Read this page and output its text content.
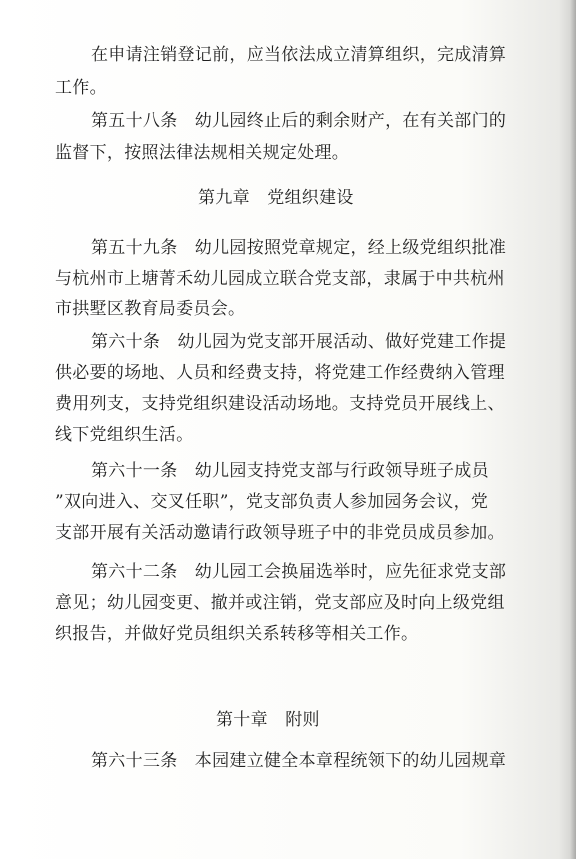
在申请注销登记前，应当依法成立清算组织，完成清算
工作。
第五十八条　幼儿园终止后的剩余财产，在有关部门的
监督下，按照法律法规相关规定处理。
第九章　党组织建设
第五十九条　幼儿园按照党章规定，经上级党组织批准
与杭州市上塘菁禾幼儿园成立联合党支部，隶属于中共杭州
市拱墅区教育局委员会。
第六十条　幼儿园为党支部开展活动、做好党建工作提
供必要的场地、人员和经费支持，将党建工作经费纳入管理
费用列支，支持党组织建设活动场地。支持党员开展线上、
线下党组织生活。
第六十一条　幼儿园支持党支部与行政领导班子成员
”双向进入、交叉任职”，党支部负责人参加园务会议，党
支部开展有关活动邀请行政领导班子中的非党员成员参加。
第六十二条　幼儿园工会换届选举时，应先征求党支部
意见；幼儿园变更、撤并或注销，党支部应及时向上级党组
织报告，并做好党员组织关系转移等相关工作。
第十章　附则
第六十三条　本园建立健全本章程统领下的幼儿园规章
